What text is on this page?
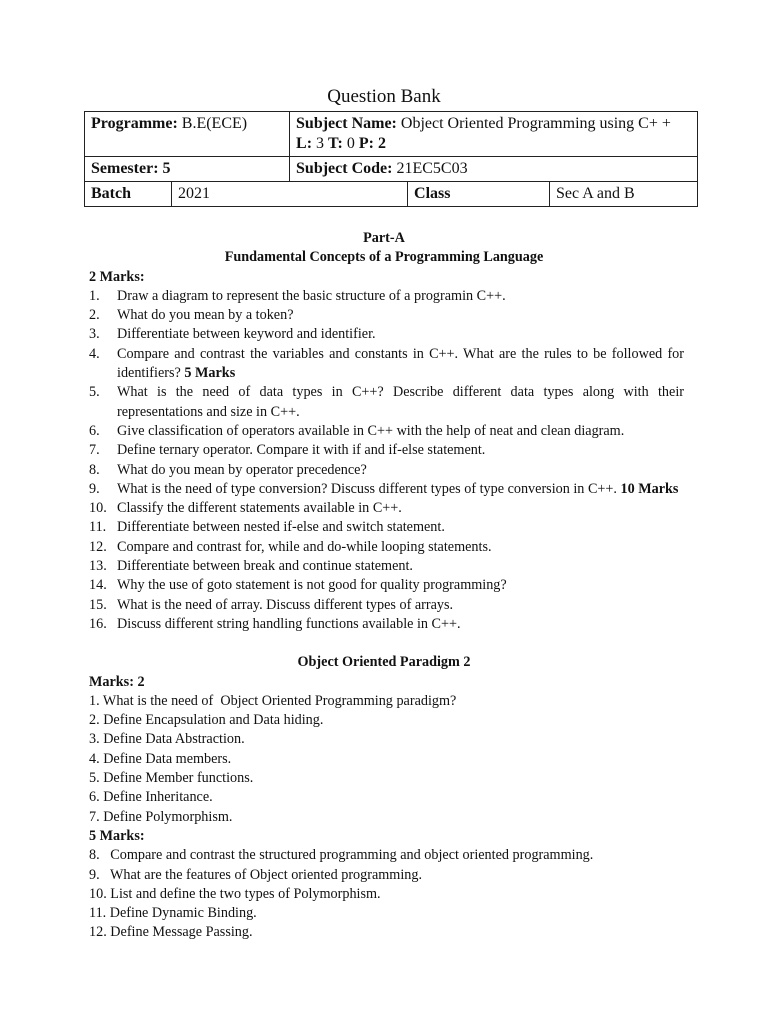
Question Bank
Programme: B.E(ECE)		Subject Name: Object Oriented Programming using C+ +  L: 3 T: 0 P: 2		
Semester: 5		Subject Code: 21EC5C03		
Batch	2021		Class	Sec A and B
Part-A
Fundamental Concepts of a Programming Language
2 Marks:
1. Draw a diagram to represent the basic structure of a programin C++.
2. What do you mean by a token?
3. Differentiate between keyword and identifier.
4. Compare and contrast the variables and constants in C++. What are the rules to be followed for identifiers? 5 Marks
5. What is the need of data types in C++? Describe different data types along with their representations and size in C++.
6. Give classification of operators available in C++ with the help of neat and clean diagram.
7. Define ternary operator. Compare it with if and if-else statement.
8. What do you mean by operator precedence?
9. What is the need of type conversion? Discuss different types of type conversion in C++. 10 Marks
10. Classify the different statements available in C++.
11. Differentiate between nested if-else and switch statement.
12. Compare and contrast for, while and do-while looping statements.
13. Differentiate between break and continue statement.
14. Why the use of goto statement is not good for quality programming?
15. What is the need of array. Discuss different types of arrays.
16. Discuss different string handling functions available in C++.
Object Oriented Paradigm 2
Marks: 2
1. What is the need of  Object Oriented Programming paradigm?
2. Define Encapsulation and Data hiding.
3. Define Data Abstraction.
4. Define Data members.
5. Define Member functions.
6. Define Inheritance.
7. Define Polymorphism.
5 Marks:
8.   Compare and contrast the structured programming and object oriented programming.
9.   What are the features of Object oriented programming.
10. List and define the two types of Polymorphism.
11. Define Dynamic Binding.
12. Define Message Passing.
